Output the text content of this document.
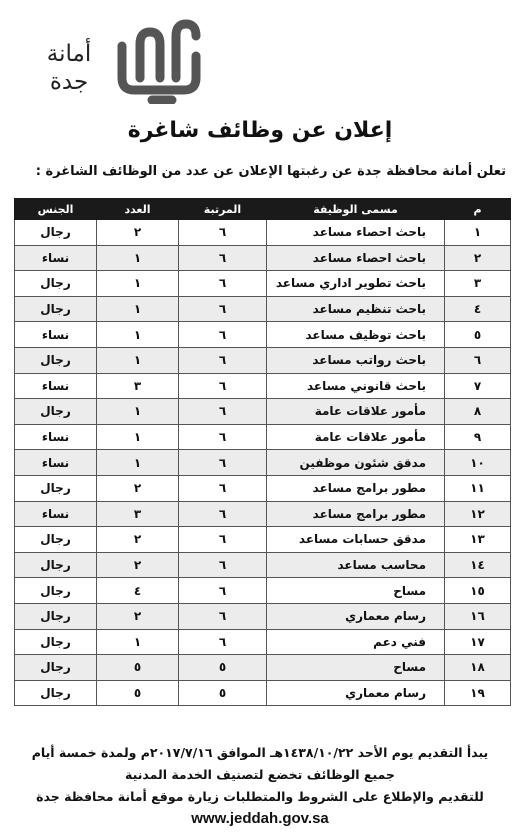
أمانة
جدة
إعلان عن وظائف شاغرة
تعلن أمانة محافظة جدة عن رغبتها الإعلان عن عدد من الوظائف الشاغرة :
م	مسمى الوظيفة	المرتبة	العدد	الجنس
١	باحث احصاء مساعد	٦	٢	رجال
٢	باحث احصاء مساعد	٦	١	نساء
٣	باحث تطوير اداري مساعد	٦	١	رجال
٤	باحث تنظيم مساعد	٦	١	رجال
٥	باحث توظيف مساعد	٦	١	نساء
٦	باحث رواتب مساعد	٦	١	رجال
٧	باحث قانوني مساعد	٦	٣	نساء
٨	مأمور علاقات عامة	٦	١	رجال
٩	مأمور علاقات عامة	٦	١	نساء
١٠	مدقق شئون موظفين	٦	١	نساء
١١	مطور برامج مساعد	٦	٢	رجال
١٢	مطور برامج مساعد	٦	٣	نساء
١٣	مدقق حسابات مساعد	٦	٢	رجال
١٤	محاسب مساعد	٦	٢	رجال
١٥	مساح	٦	٤	رجال
١٦	رسام معماري	٦	٢	رجال
١٧	فني دعم	٦	١	رجال
١٨	مساح	٥	٥	رجال
١٩	رسام معماري	٥	٥	رجال
يبدأ التقديم يوم الأحد ١٤٣٨/١٠/٢٢هـ الموافق ٢٠١٧/٧/١٦م ولمدة خمسة أيام
جميع الوظائف تخضع لتصنيف الخدمة المدنية
للتقديم والإطلاع على الشروط والمتطلبات زيارة موقع أمانة محافظة جدة
www.jeddah.gov.sa
